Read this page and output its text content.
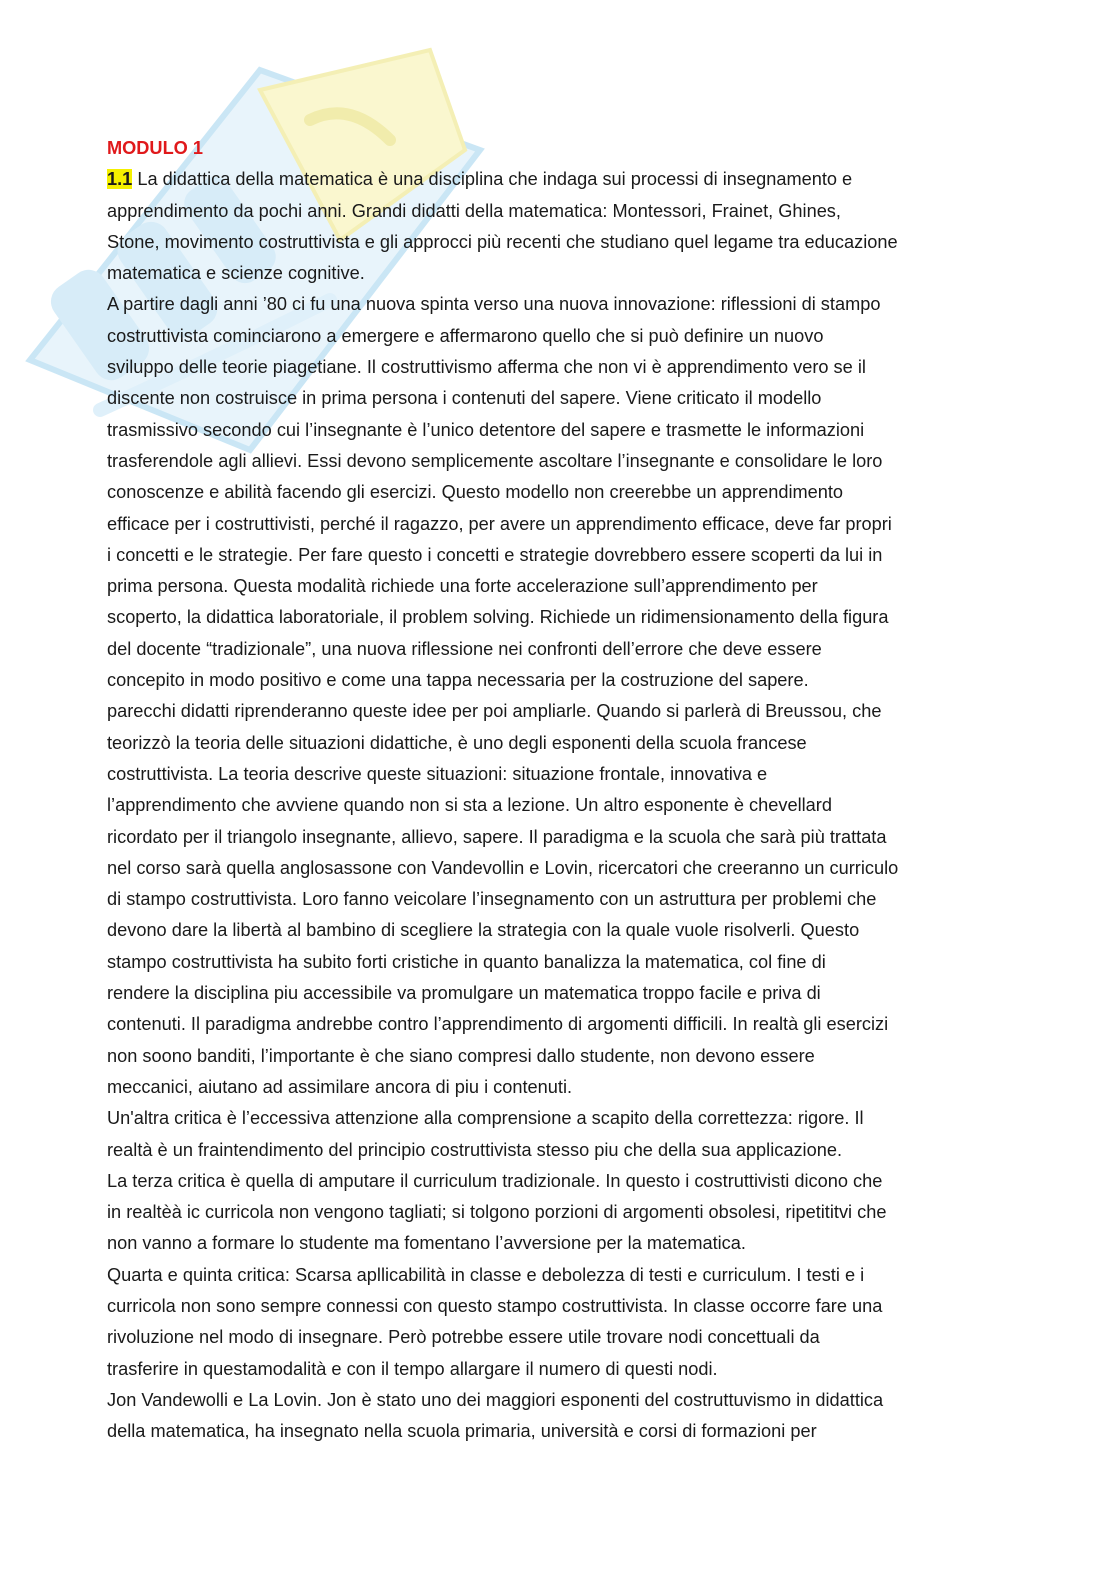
MODULO 1

1.1 La didattica della matematica è una disciplina che indaga sui processi di insegnamento e

apprendimento da pochi anni. Grandi didatti della matematica: Montessori, Frainet, Ghines,

Stone, movimento costruttivista e gli approcci più recenti che studiano quel legame tra educazione

matematica e scienze cognitive.

A partire dagli anni ’80 ci fu una nuova spinta verso una nuova innovazione: riflessioni di stampo

costruttivista cominciarono a emergere e affermarono quello che si può definire un nuovo

sviluppo delle teorie piagetiane. Il costruttivismo afferma che non vi è apprendimento vero se il

discente non costruisce in prima persona i contenuti del sapere. Viene criticato il modello

trasmissivo secondo cui l’insegnante è l’unico detentore del sapere e trasmette le informazioni

trasferendole agli allievi. Essi devono semplicemente ascoltare l’insegnante e consolidare le loro

conoscenze e abilità facendo gli esercizi. Questo modello non creerebbe un apprendimento

efficace per i costruttivisti, perché il ragazzo, per avere un apprendimento efficace, deve far propri

i concetti e le strategie. Per fare questo i concetti e strategie dovrebbero essere scoperti da lui in

prima persona. Questa modalità richiede una forte accelerazione sull’apprendimento per

scoperto, la didattica laboratoriale, il problem solving. Richiede un ridimensionamento della figura

del docente “tradizionale”, una nuova riflessione nei confronti dell’errore che deve essere

concepito in modo positivo e come una tappa necessaria per la costruzione del sapere.

parecchi didatti riprenderanno queste idee per poi ampliarle. Quando si parlerà di Breussou, che

teorizzò la teoria delle situazioni didattiche, è uno degli esponenti della scuola francese

costruttivista. La teoria descrive queste situazioni: situazione frontale, innovativa e

l’apprendimento che avviene quando non si sta a lezione. Un altro esponente è chevellard

ricordato per il triangolo insegnante, allievo, sapere. Il paradigma e la scuola che sarà più trattata

nel corso sarà quella anglosassone con Vandevollin e Lovin, ricercatori che creeranno un curriculo

di stampo costruttivista. Loro fanno veicolare l’insegnamento con un astruttura per problemi che

devono dare la libertà al bambino di scegliere la strategia con la quale vuole risolverli. Questo

stampo costruttivista ha subito forti cristiche in quanto banalizza la matematica, col fine di

rendere la disciplina piu accessibile va promulgare un matematica troppo facile e priva di

contenuti. Il paradigma andrebbe contro l’apprendimento di argomenti difficili. In realtà gli esercizi

non soono banditi, l’importante è che siano compresi dallo studente, non devono essere

meccanici, aiutano ad assimilare ancora di piu i contenuti.

Un'altra critica è l’eccessiva attenzione alla comprensione a scapito della correttezza: rigore. Il

realtà è un fraintendimento del principio costruttivista stesso piu che della sua applicazione.

La terza critica è quella di amputare il curriculum tradizionale. In questo i costruttivisti dicono che

in realtèà ic curricola non vengono tagliati; si tolgono porzioni di argomenti obsolesi, ripetititvi che

non vanno a formare lo studente ma fomentano l’avversione per la matematica.

Quarta e quinta critica: Scarsa apllicabilità in classe e debolezza di testi e curriculum. I testi e i

curricola non sono sempre connessi con questo stampo costruttivista. In classe occorre fare una

rivoluzione nel modo di insegnare. Però potrebbe essere utile trovare nodi concettuali da

trasferire in questamodalità e con il tempo allargare il numero di questi nodi.

Jon Vandewolli e La Lovin. Jon è stato uno dei maggiori esponenti del costruttuvismo in didattica

della matematica, ha insegnato nella scuola primaria, università e corsi di formazioni per
